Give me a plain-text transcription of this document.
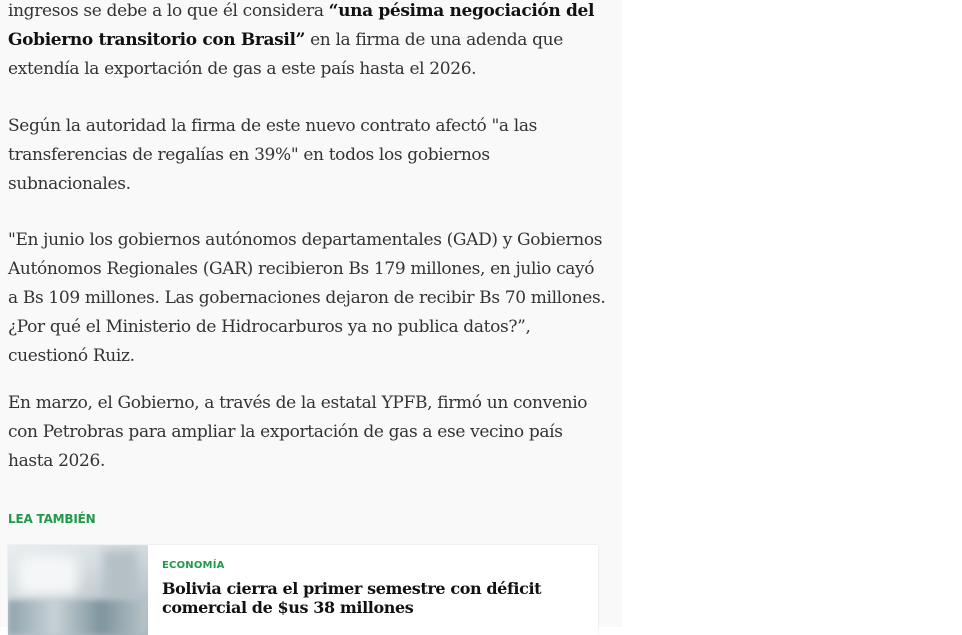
ingresos se debe a lo que él considera “una pésima negociación del Gobierno transitorio con Brasil” en la firma de una adenda que extendía la exportación de gas a este país hasta el 2026.

Según la autoridad la firma de este nuevo contrato afectó "a las transferencias de regalías en 39%" en todos los gobiernos subnacionales.

"En junio los gobiernos autónomos departamentales (GAD) y Gobiernos Autónomos Regionales (GAR) recibieron Bs 179 millones, en julio cayó a Bs 109 millones. Las gobernaciones dejaron de recibir Bs 70 millones. ¿Por qué el Ministerio de Hidrocarburos ya no publica datos?”, cuestionó Ruiz.

En marzo, el Gobierno, a través de la estatal YPFB, firmó un convenio con Petrobras para ampliar la exportación de gas a ese vecino país hasta 2026.

LEA TAMBIÉN
ECONOMÍA
Bolivia cierra el primer semestre con déficit comercial de $us 38 millones
